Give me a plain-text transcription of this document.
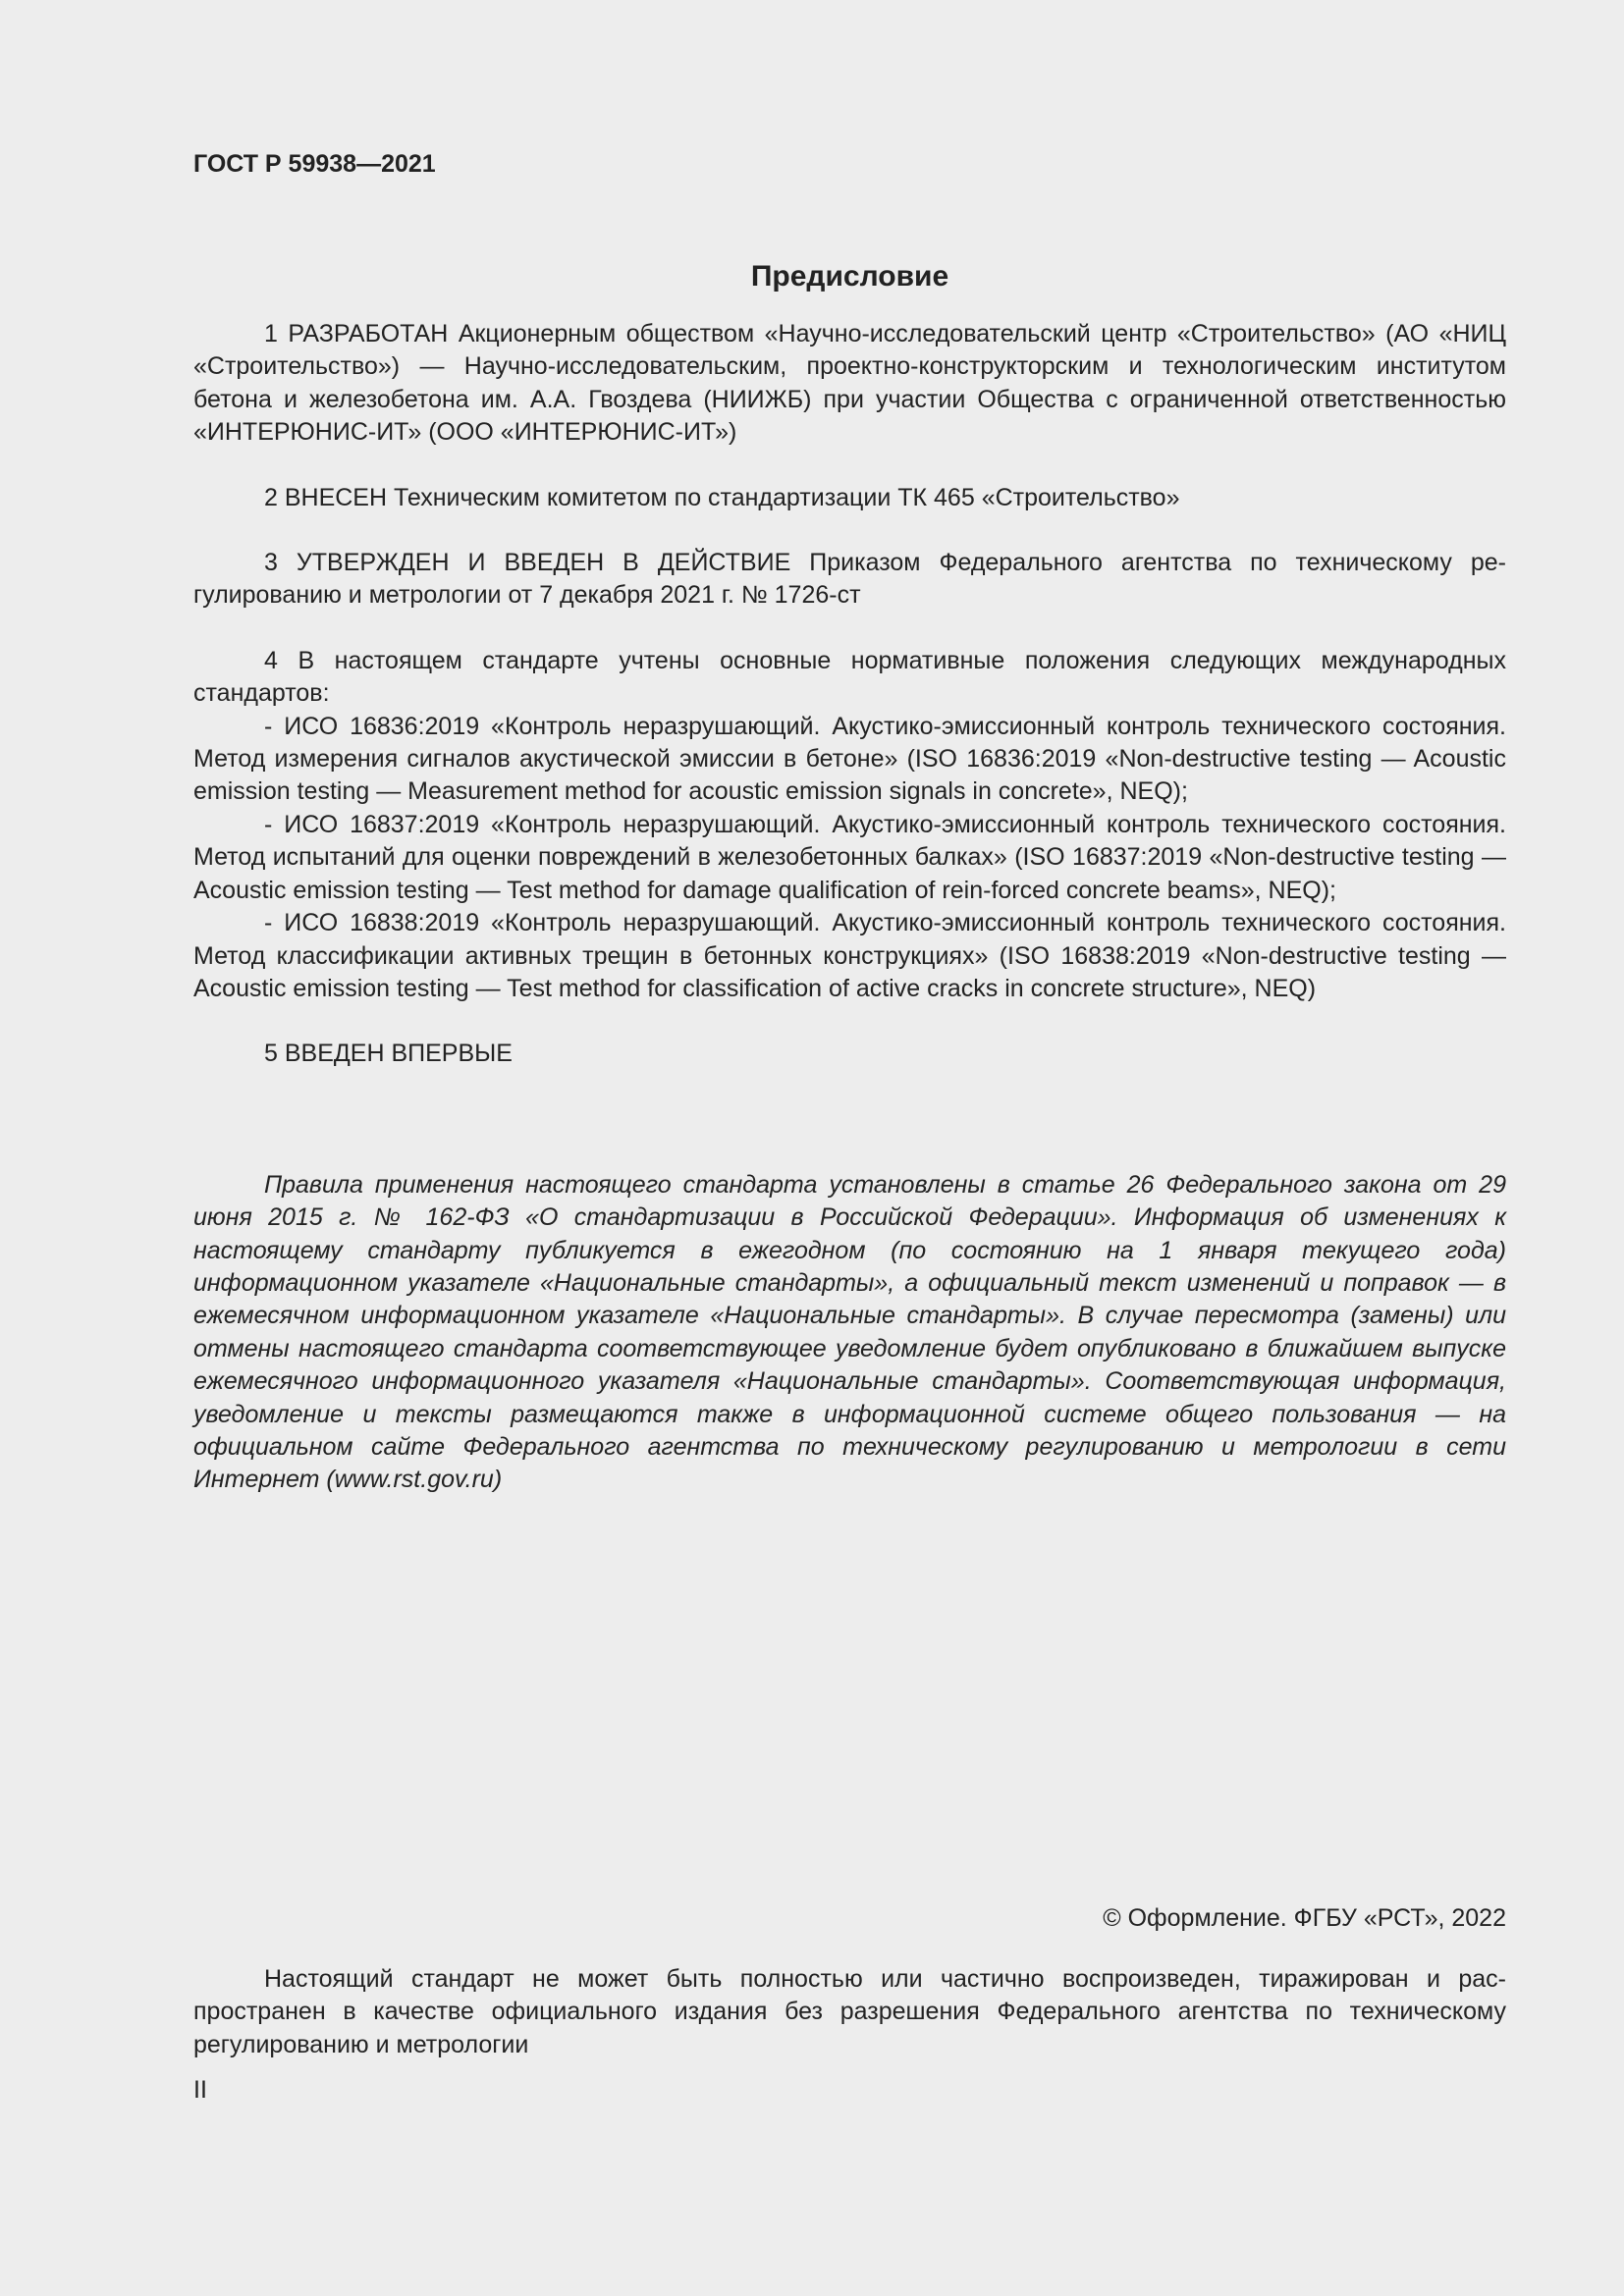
ГОСТ Р 59938—2021
Предисловие

1 РАЗРАБОТАН Акционерным обществом «Научно-исследовательский центр «Строительство» (АО «НИЦ «Строительство») — Научно-исследовательским, проектно-конструкторским и технологическим институтом бетона и железобетона им. А.А. Гвоздева (НИИЖБ) при участии Общества с ограниченной ответственностью «ИНТЕРЮНИС-ИТ» (ООО «ИНТЕРЮНИС-ИТ»)

2 ВНЕСЕН Техническим комитетом по стандартизации ТК 465 «Строительство»

3 УТВЕРЖДЕН И ВВЕДЕН В ДЕЙСТВИЕ Приказом Федерального агентства по техническому регулированию и метрологии от 7 декабря 2021 г. № 1726-ст

4 В настоящем стандарте учтены основные нормативные положения следующих международных стандартов:

- ИСО 16836:2019 «Контроль неразрушающий. Акустико-эмиссионный контроль технического состояния. Метод измерения сигналов акустической эмиссии в бетоне» (ISO 16836:2019 «Non-destructive testing — Acoustic emission testing — Measurement method for acoustic emission signals in concrete», NEQ);

- ИСО 16837:2019 «Контроль неразрушающий. Акустико-эмиссионный контроль технического состояния. Метод испытаний для оценки повреждений в железобетонных балках» (ISO 16837:2019 «Non-destructive testing — Acoustic emission testing — Test method for damage qualification of rein-forced concrete beams», NEQ);

- ИСО 16838:2019 «Контроль неразрушающий. Акустико-эмиссионный контроль технического состояния. Метод классификации активных трещин в бетонных конструкциях» (ISO 16838:2019 «Non-destructive testing — Acoustic emission testing — Test method for classification of active cracks in concrete structure», NEQ)

5 ВВЕДЕН ВПЕРВЫЕ

Правила применения настоящего стандарта установлены в статье 26 Федерального закона от 29 июня 2015 г. № 162-ФЗ «О стандартизации в Российской Федерации». Информация об изменениях к настоящему стандарту публикуется в ежегодном (по состоянию на 1 января текущего года) информационном указателе «Национальные стандарты», а официальный текст изменений и поправок — в ежемесячном информационном указателе «Национальные стандарты». В случае пересмотра (замены) или отмены настоящего стандарта соответствующее уведомление будет опубликовано в ближайшем выпуске ежемесячного информационного указателя «Национальные стандарты». Соответствующая информация, уведомление и тексты размещаются также в информационной системе общего пользования — на официальном сайте Федерального агентства по техническому регулированию и метрологии в сети Интернет (www.rst.gov.ru)

© Оформление. ФГБУ «РСТ», 2022

Настоящий стандарт не может быть полностью или частично воспроизведен, тиражирован и распространен в качестве официального издания без разрешения Федерального агентства по техническому регулированию и метрологии

II
